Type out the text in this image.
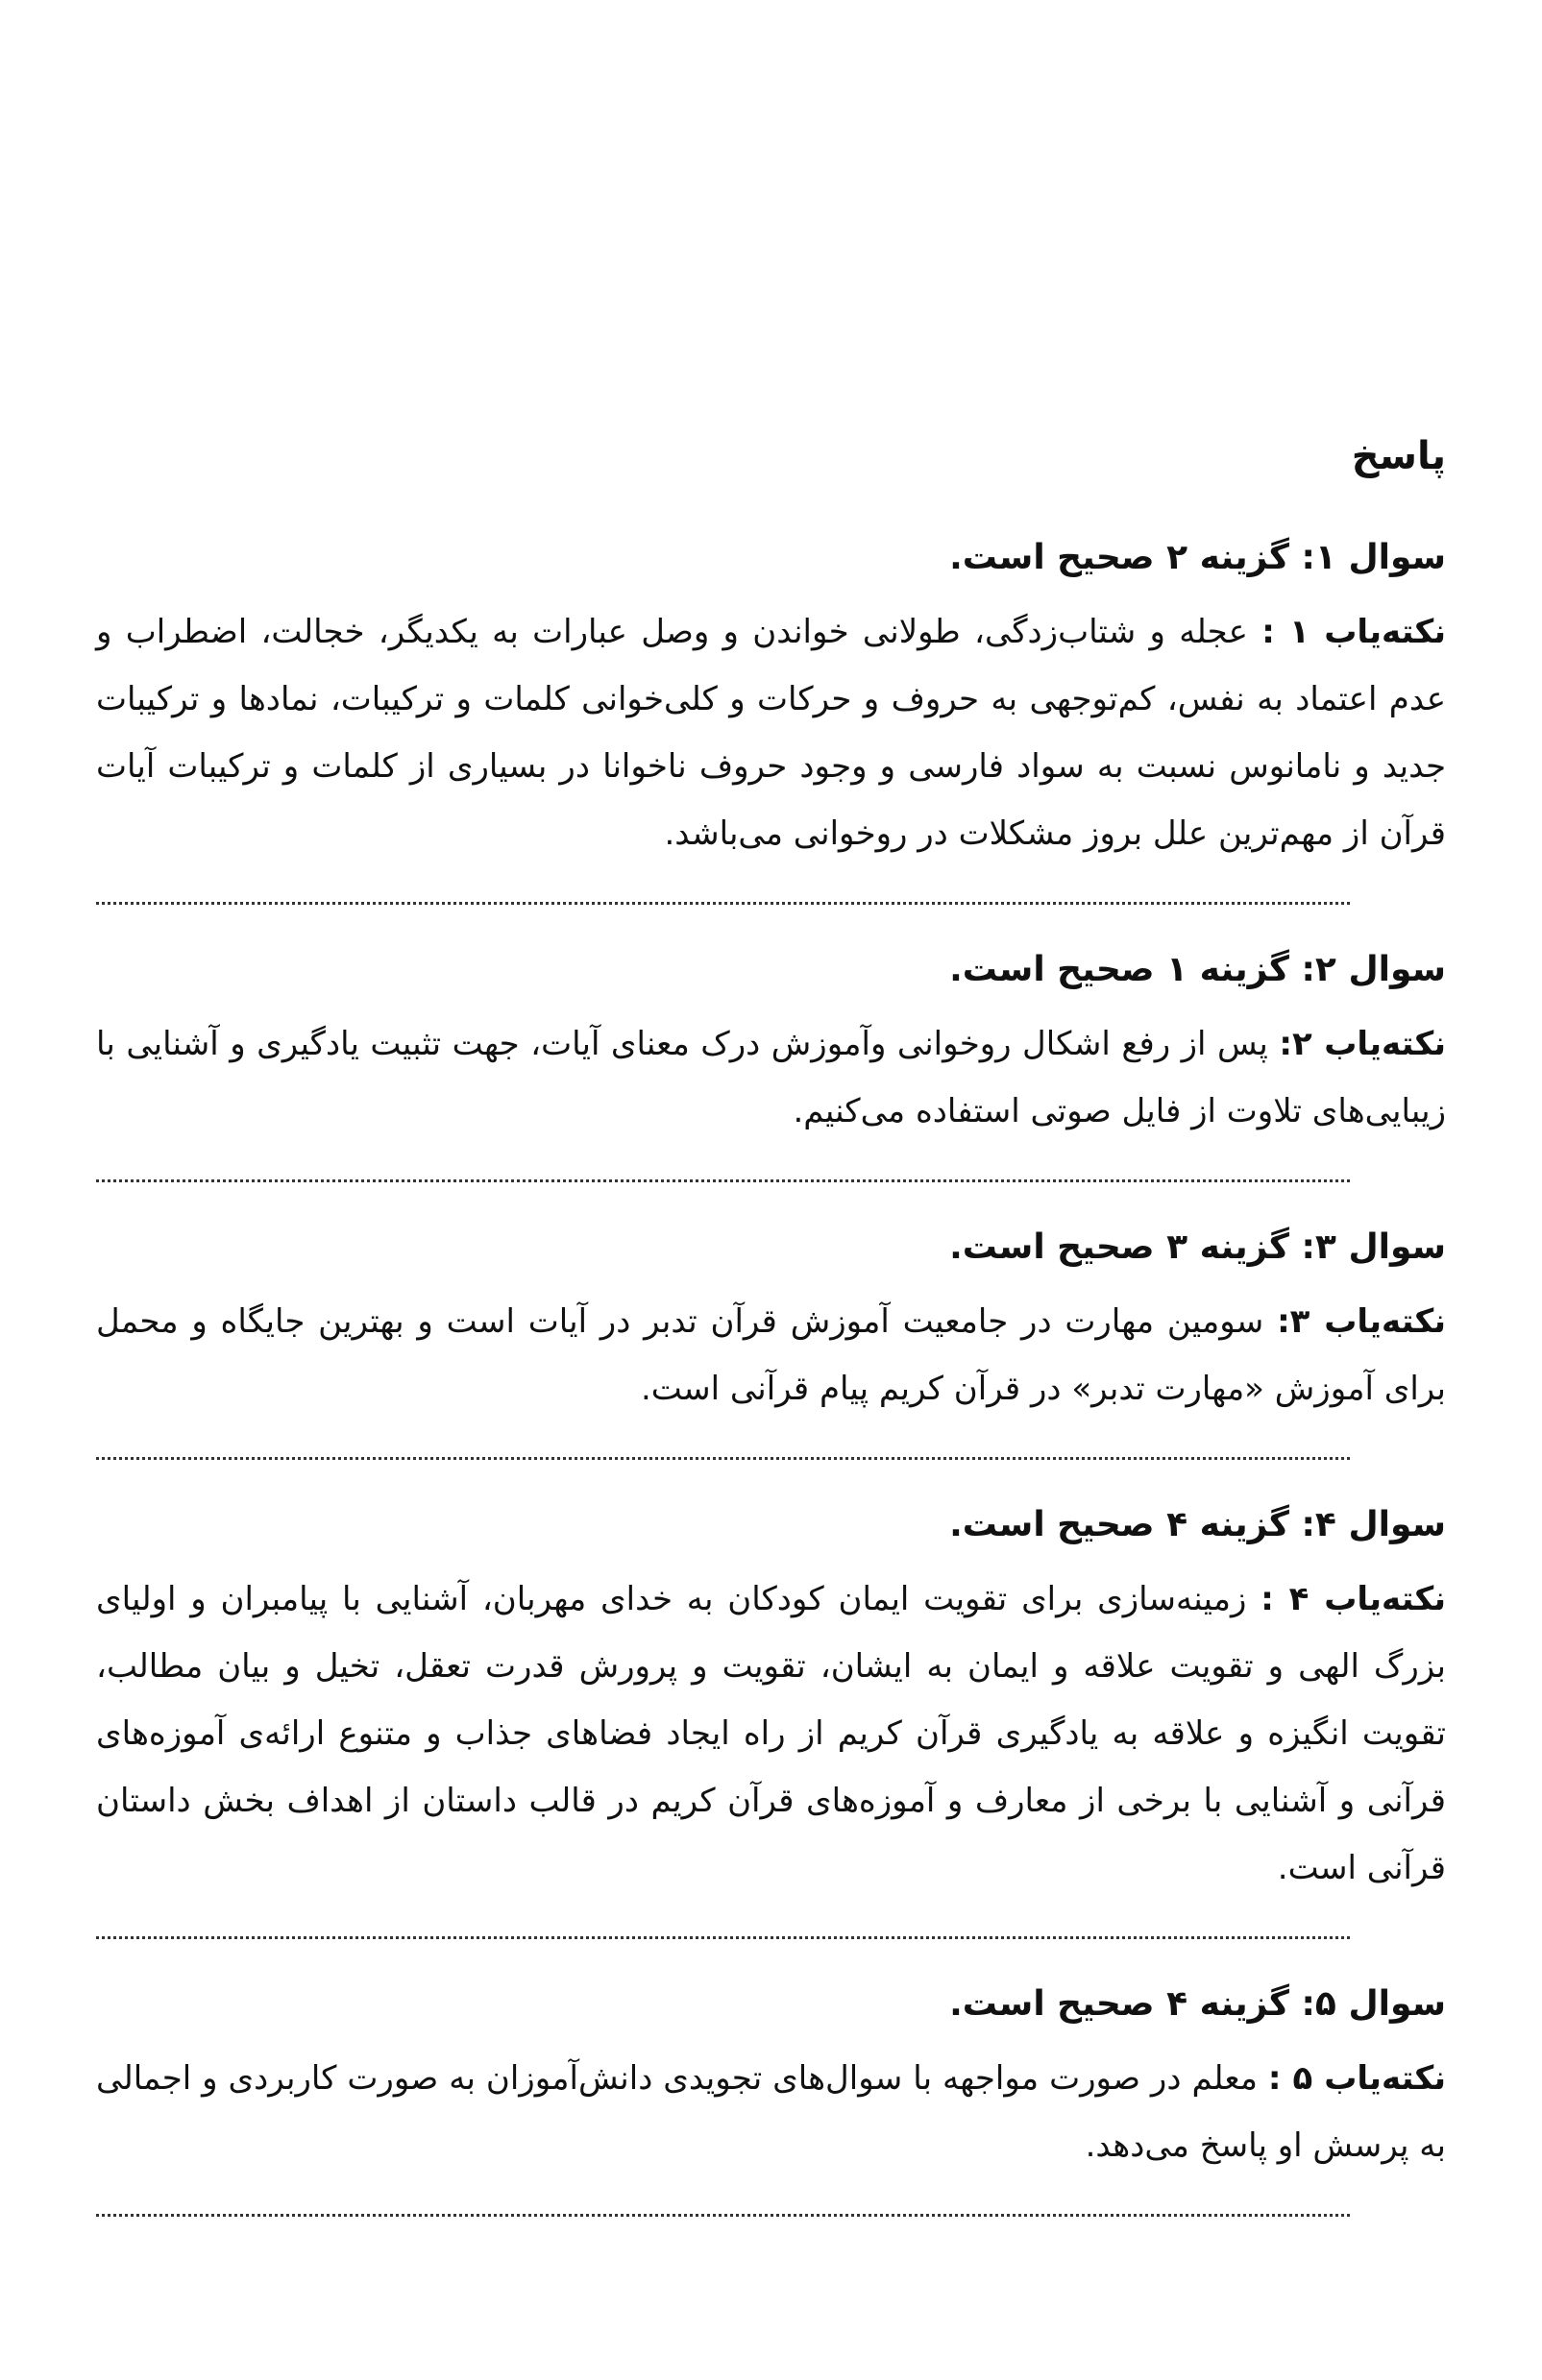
پاسخ
سوال ۱: گزینه ۲ صحیح است.

نکته‌یاب ۱ : عجله و شتاب‌زدگی، طولانی خواندن و وصل عبارات به یکدیگر، خجالت، اضطراب و عدم اعتماد به نفس، کم‌توجهی به حروف و حرکات و کلی‌خوانی کلمات و ترکیبات، نمادها و ترکیبات جدید و نامانوس نسبت به سواد فارسی و وجود حروف ناخوانا در بسیاری از کلمات و ترکیبات آیات قرآن از مهم‌ترین علل بروز مشکلات در روخوانی می‌باشد.

سوال ۲: گزینه ۱ صحیح است.

نکته‌یاب ۲: پس از رفع اشکال روخوانی وآموزش درک معنای آیات، جهت تثبیت یادگیری و آشنایی با زیبایی‌های تلاوت از فایل صوتی استفاده می‌کنیم.

سوال ۳: گزینه ۳ صحیح است.

نکته‌یاب ۳: سومین مهارت در جامعیت آموزش قرآن تدبر در آیات است و بهترین جایگاه و محمل برای آموزش «مهارت تدبر» در قرآن کریم پیام قرآنی است.

سوال ۴: گزینه ۴ صحیح است.

نکته‌یاب ۴ : زمینه‌سازی برای تقویت ایمان کودکان به خدای مهربان، آشنایی با پیامبران و اولیای بزرگ الهی و تقویت علاقه و ایمان به ایشان، تقویت و پرورش قدرت تعقل، تخیل و بیان مطالب، تقویت انگیزه و علاقه به یادگیری قرآن کریم از راه ایجاد فضاهای جذاب و متنوع ارائه‌ی آموزه‌های قرآنی و آشنایی با برخی از معارف و آموزه‌های قرآن کریم در قالب داستان از اهداف بخش داستان قرآنی است.

سوال ۵: گزینه ۴ صحیح است.

نکته‌یاب ۵ : معلم در صورت مواجهه با سوال‌های تجویدی دانش‌آموزان به صورت کاربردی و اجمالی به پرسش او پاسخ می‌دهد.
